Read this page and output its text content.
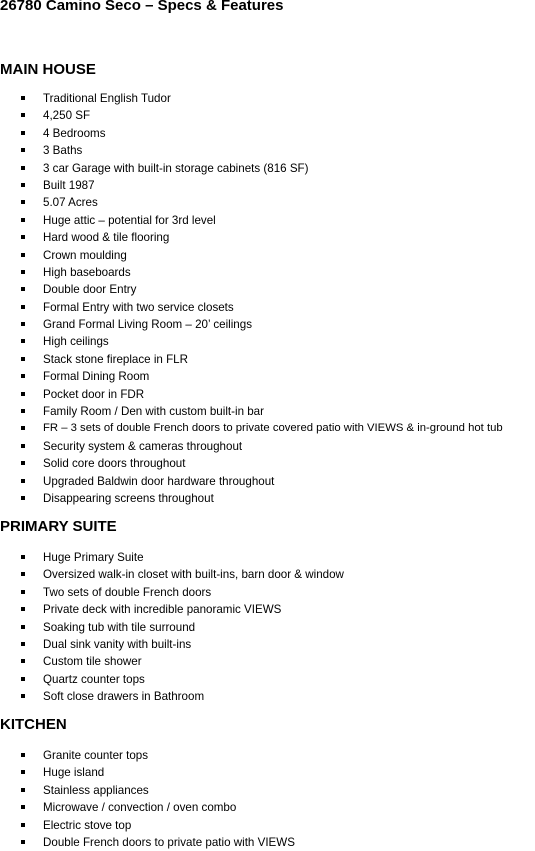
26780 Camino Seco – Specs & Features
MAIN HOUSE
Traditional English Tudor
4,250 SF
4 Bedrooms
3 Baths
3 car Garage with built-in storage cabinets (816 SF)
Built 1987
5.07 Acres
Huge attic – potential for 3rd level
Hard wood & tile flooring
Crown moulding
High baseboards
Double door Entry
Formal Entry with two service closets
Grand Formal Living Room – 20’ ceilings
High ceilings
Stack stone fireplace in FLR
Formal Dining Room
Pocket door in FDR
Family Room / Den with custom built-in bar
FR – 3 sets of double French doors to private covered patio with VIEWS & in-ground hot tub
Security system & cameras throughout
Solid core doors throughout
Upgraded Baldwin door hardware throughout
Disappearing screens throughout
PRIMARY SUITE
Huge Primary Suite
Oversized walk-in closet with built-ins, barn door & window
Two sets of double French doors
Private deck with incredible panoramic VIEWS
Soaking tub with tile surround
Dual sink vanity with built-ins
Custom tile shower
Quartz counter tops
Soft close drawers in Bathroom
KITCHEN
Granite counter tops
Huge island
Stainless appliances
Microwave / convection / oven combo
Electric stove top
Double French doors to private patio with VIEWS
